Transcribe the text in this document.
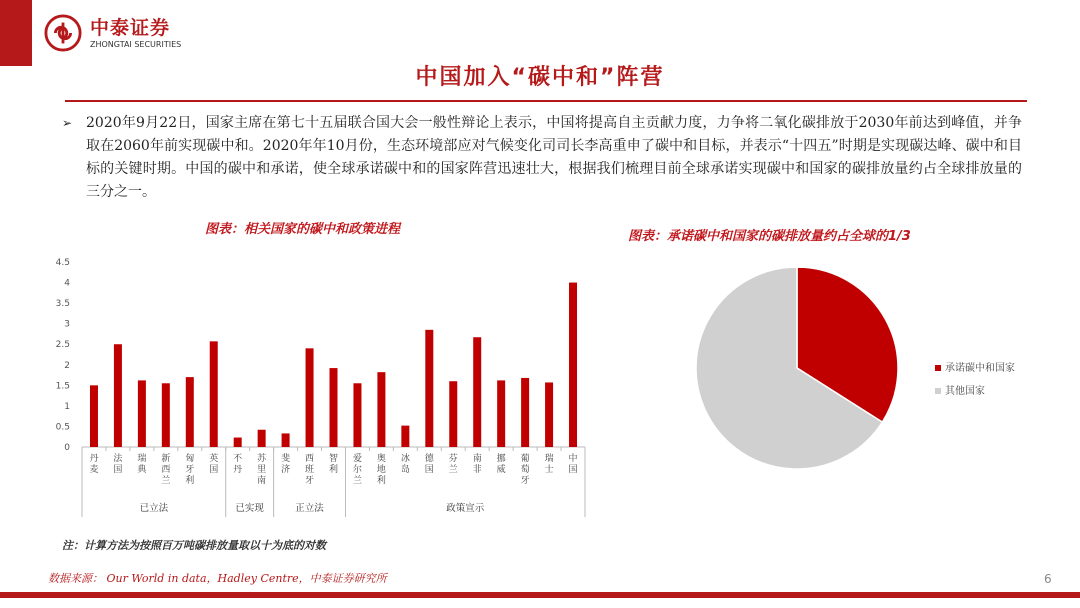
中泰证券
ZHONGTAI SECURITIES
中国加入“碳中和”阵营
➢ 2020年9月22日，国家主席在第七十五届联合国大会一般性辩论上表示，中国将提高自主贡献力度，力争将二氧化碳排放于2030年前达到峰值，并争取在2060年前实现碳中和。2020年年10月份，生态环境部应对气候变化司司长李高重申了碳中和目标，并表示“十四五”时期是实现碳达峰、碳中和目标的关键时期。中国的碳中和承诺，使全球承诺碳中和的国家阵营迅速壮大，根据我们梳理目前全球承诺实现碳中和国家的碳排放量约占全球排放量的三分之一。
图表：相关国家的碳中和政策进程	图表：承诺碳中和国家的碳排放量约占全球的1/3
0
0.5
1
1.5
2
2.5
3
3.5
4
4.5
丹
麦
法
国
瑞
典
新
西
兰
匈
牙
利
英
国
不
丹
苏
里
南
斐
济
西
班
牙
智
利
爱
尔
兰
奥
地
利
冰
岛
德
国
芬
兰
南
非
挪
威
葡
萄
牙
瑞
士
中
国
已立法	已实现	正立法	政策宣示
承诺碳中和国家
其他国家
注：计算方法为按照百万吨碳排放量取以十为底的对数
数据来源： Our World in data，Hadley Centre，中泰证券研究所	6
